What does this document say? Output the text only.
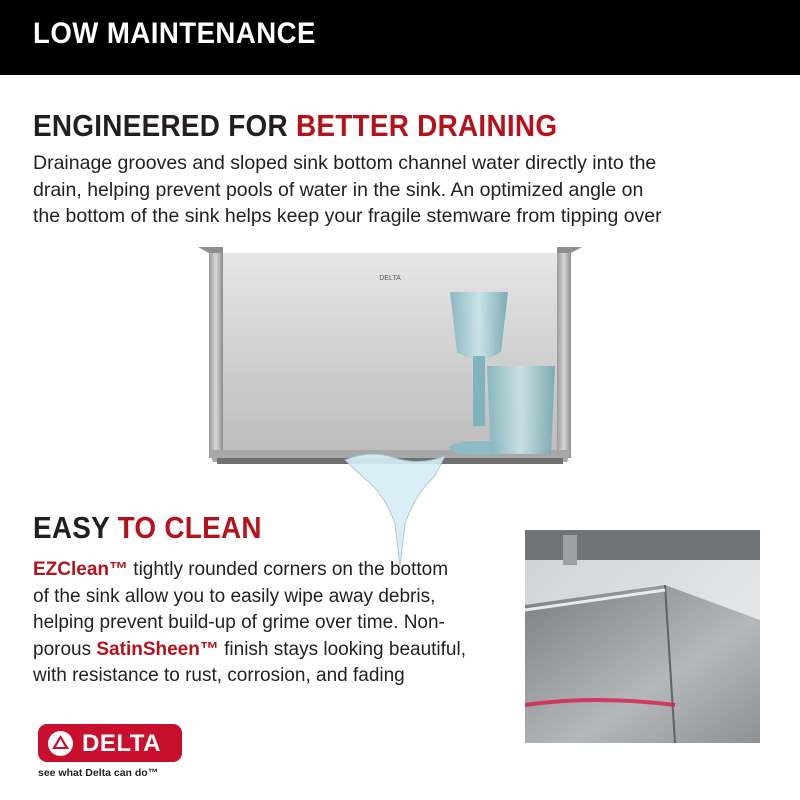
LOW MAINTENANCE
ENGINEERED FOR BETTER DRAINING
Drainage grooves and sloped sink bottom channel water directly into the
drain, helping prevent pools of water in the sink. An optimized angle on
the bottom of the sink helps keep your fragile stemware from tipping over
DELTA
EASY TO CLEAN
EZClean™ tightly rounded corners on the bottom
of the sink allow you to easily wipe away debris,
helping prevent build-up of grime over time. Non-
porous SatinSheen™ finish stays looking beautiful,
with resistance to rust, corrosion, and fading
DELTA
see what Delta can do™
